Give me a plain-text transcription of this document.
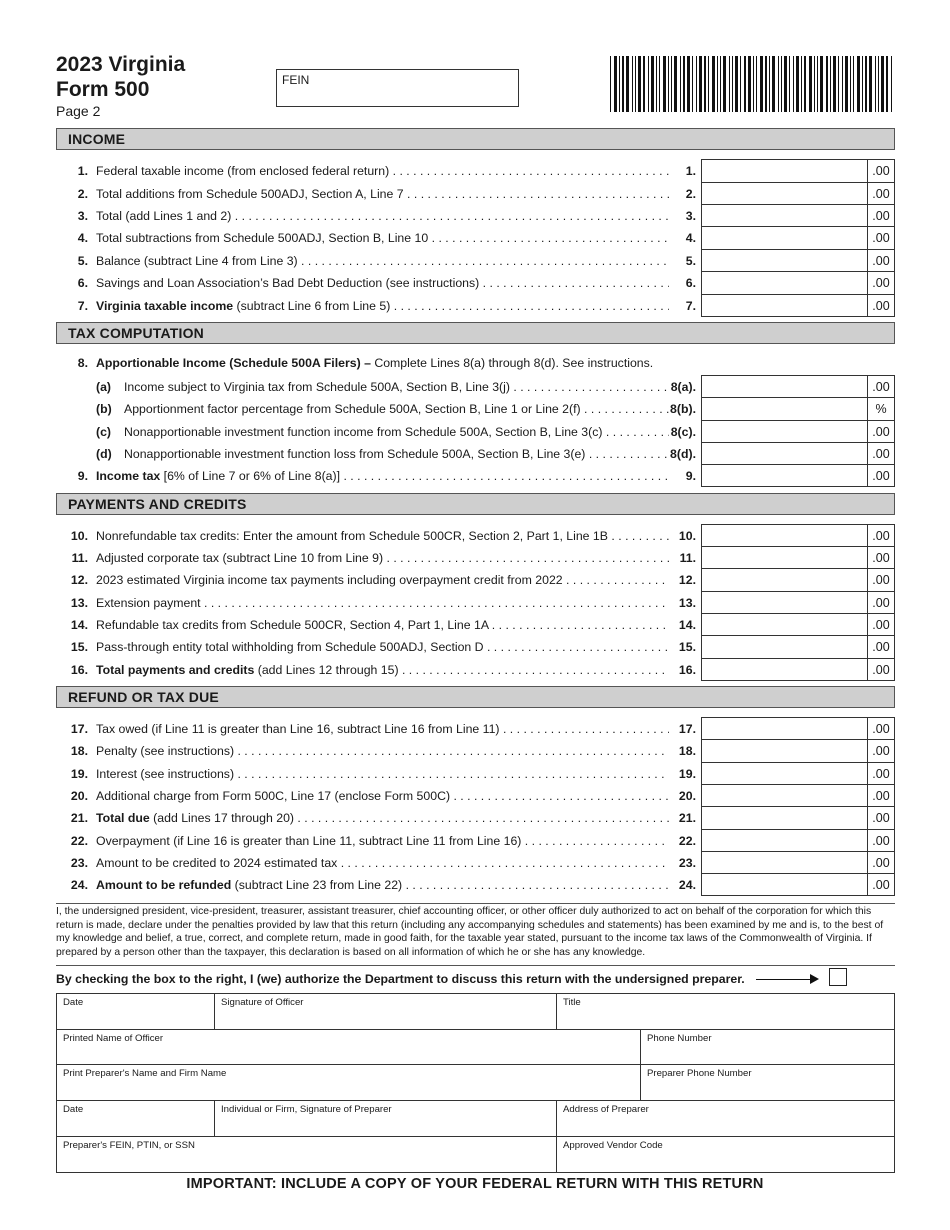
2023 Virginia
Form 500
Page 2
FEIN
INCOME
1. Federal taxable income (from enclosed federal return) . . .	1.	.00
2. Total additions from Schedule 500ADJ, Section A, Line 7 . . .	2.	.00
3. Total (add Lines 1 and 2) . . .	3.	.00
4. Total subtractions from Schedule 500ADJ, Section B, Line 10 . . .	4.	.00
5. Balance (subtract Line 4 from Line 3) . . .	5.	.00
6. Savings and Loan Association’s Bad Debt Deduction (see instructions) . . .	6.	.00
7. Virginia taxable income (subtract Line 6 from Line 5) . . .	7.	.00
(a) Income subject to Virginia tax from Schedule 500A, Section B, Line 3(j) . . .	8(a).	.00
(b) Apportionment factor percentage from Schedule 500A, Section B, Line 1 or Line 2(f) . . .	8(b).	%
(c) Nonapportionable investment function income from Schedule 500A, Section B, Line 3(c) . . .	8(c).	.00
(d) Nonapportionable investment function loss from Schedule 500A, Section B, Line 3(e) . . .	8(d).	.00
9. Income tax [6% of Line 7 or 6% of Line 8(a)] . . .	9.	.00
10. Nonrefundable tax credits: Enter the amount from Schedule 500CR, Section 2, Part 1, Line 1B . . .	10.	.00
11. Adjusted corporate tax (subtract Line 10 from Line 9) . . .	11.	.00
12. 2023 estimated Virginia income tax payments including overpayment credit from 2022 . . .	12.	.00
13. Extension payment . . .	13.	.00
14. Refundable tax credits from Schedule 500CR, Section 4, Part 1, Line 1A . . .	14.	.00
15. Pass-through entity total withholding from Schedule 500ADJ, Section D . . .	15.	.00
16. Total payments and credits (add Lines 12 through 15) . . .	16.	.00
17. Tax owed (if Line 11 is greater than Line 16, subtract Line 16 from Line 11) . . .	17.	.00
18. Penalty (see instructions) . . .	18.	.00
19. Interest (see instructions) . . .	19.	.00
20. Additional charge from Form 500C, Line 17 (enclose Form 500C) . . .	20.	.00
21. Total due (add Lines 17 through 20) . . .	21.	.00
22. Overpayment (if Line 16 is greater than Line 11, subtract Line 11 from Line 16) . . .	22.	.00
23. Amount to be credited to 2024 estimated tax . . .	23.	.00
24. Amount to be refunded (subtract Line 23 from Line 22) . . .	24.	.00
TAX COMPUTATION
8. Apportionable Income (Schedule 500A Filers) – Complete Lines 8(a) through 8(d). See instructions.
PAYMENTS AND CREDITS
REFUND OR TAX DUE
I, the undersigned president, vice-president, treasurer, assistant treasurer, chief accounting officer, or other officer duly authorized to act on behalf of the corporation for which this return is made, declare under the penalties provided by law that this return (including any accompanying schedules and statements) has been examined by me and is, to the best of my knowledge and belief, a true, correct, and complete return, made in good faith, for the taxable year stated, pursuant to the income tax laws of the Commonwealth of Virginia. If prepared by a person other than the taxpayer, this declaration is based on all information of which he or she has any knowledge.
By checking the box to the right, I (we) authorize the Department to discuss this return with the undersigned preparer.
Date	Signature of Officer	Title
Printed Name of Officer	Phone Number
Print Preparer's Name and Firm Name	Preparer Phone Number
Date	Individual or Firm, Signature of Preparer	Address of Preparer
Preparer's FEIN, PTIN, or SSN	Approved Vendor Code
IMPORTANT: INCLUDE A COPY OF YOUR FEDERAL RETURN WITH THIS RETURN
